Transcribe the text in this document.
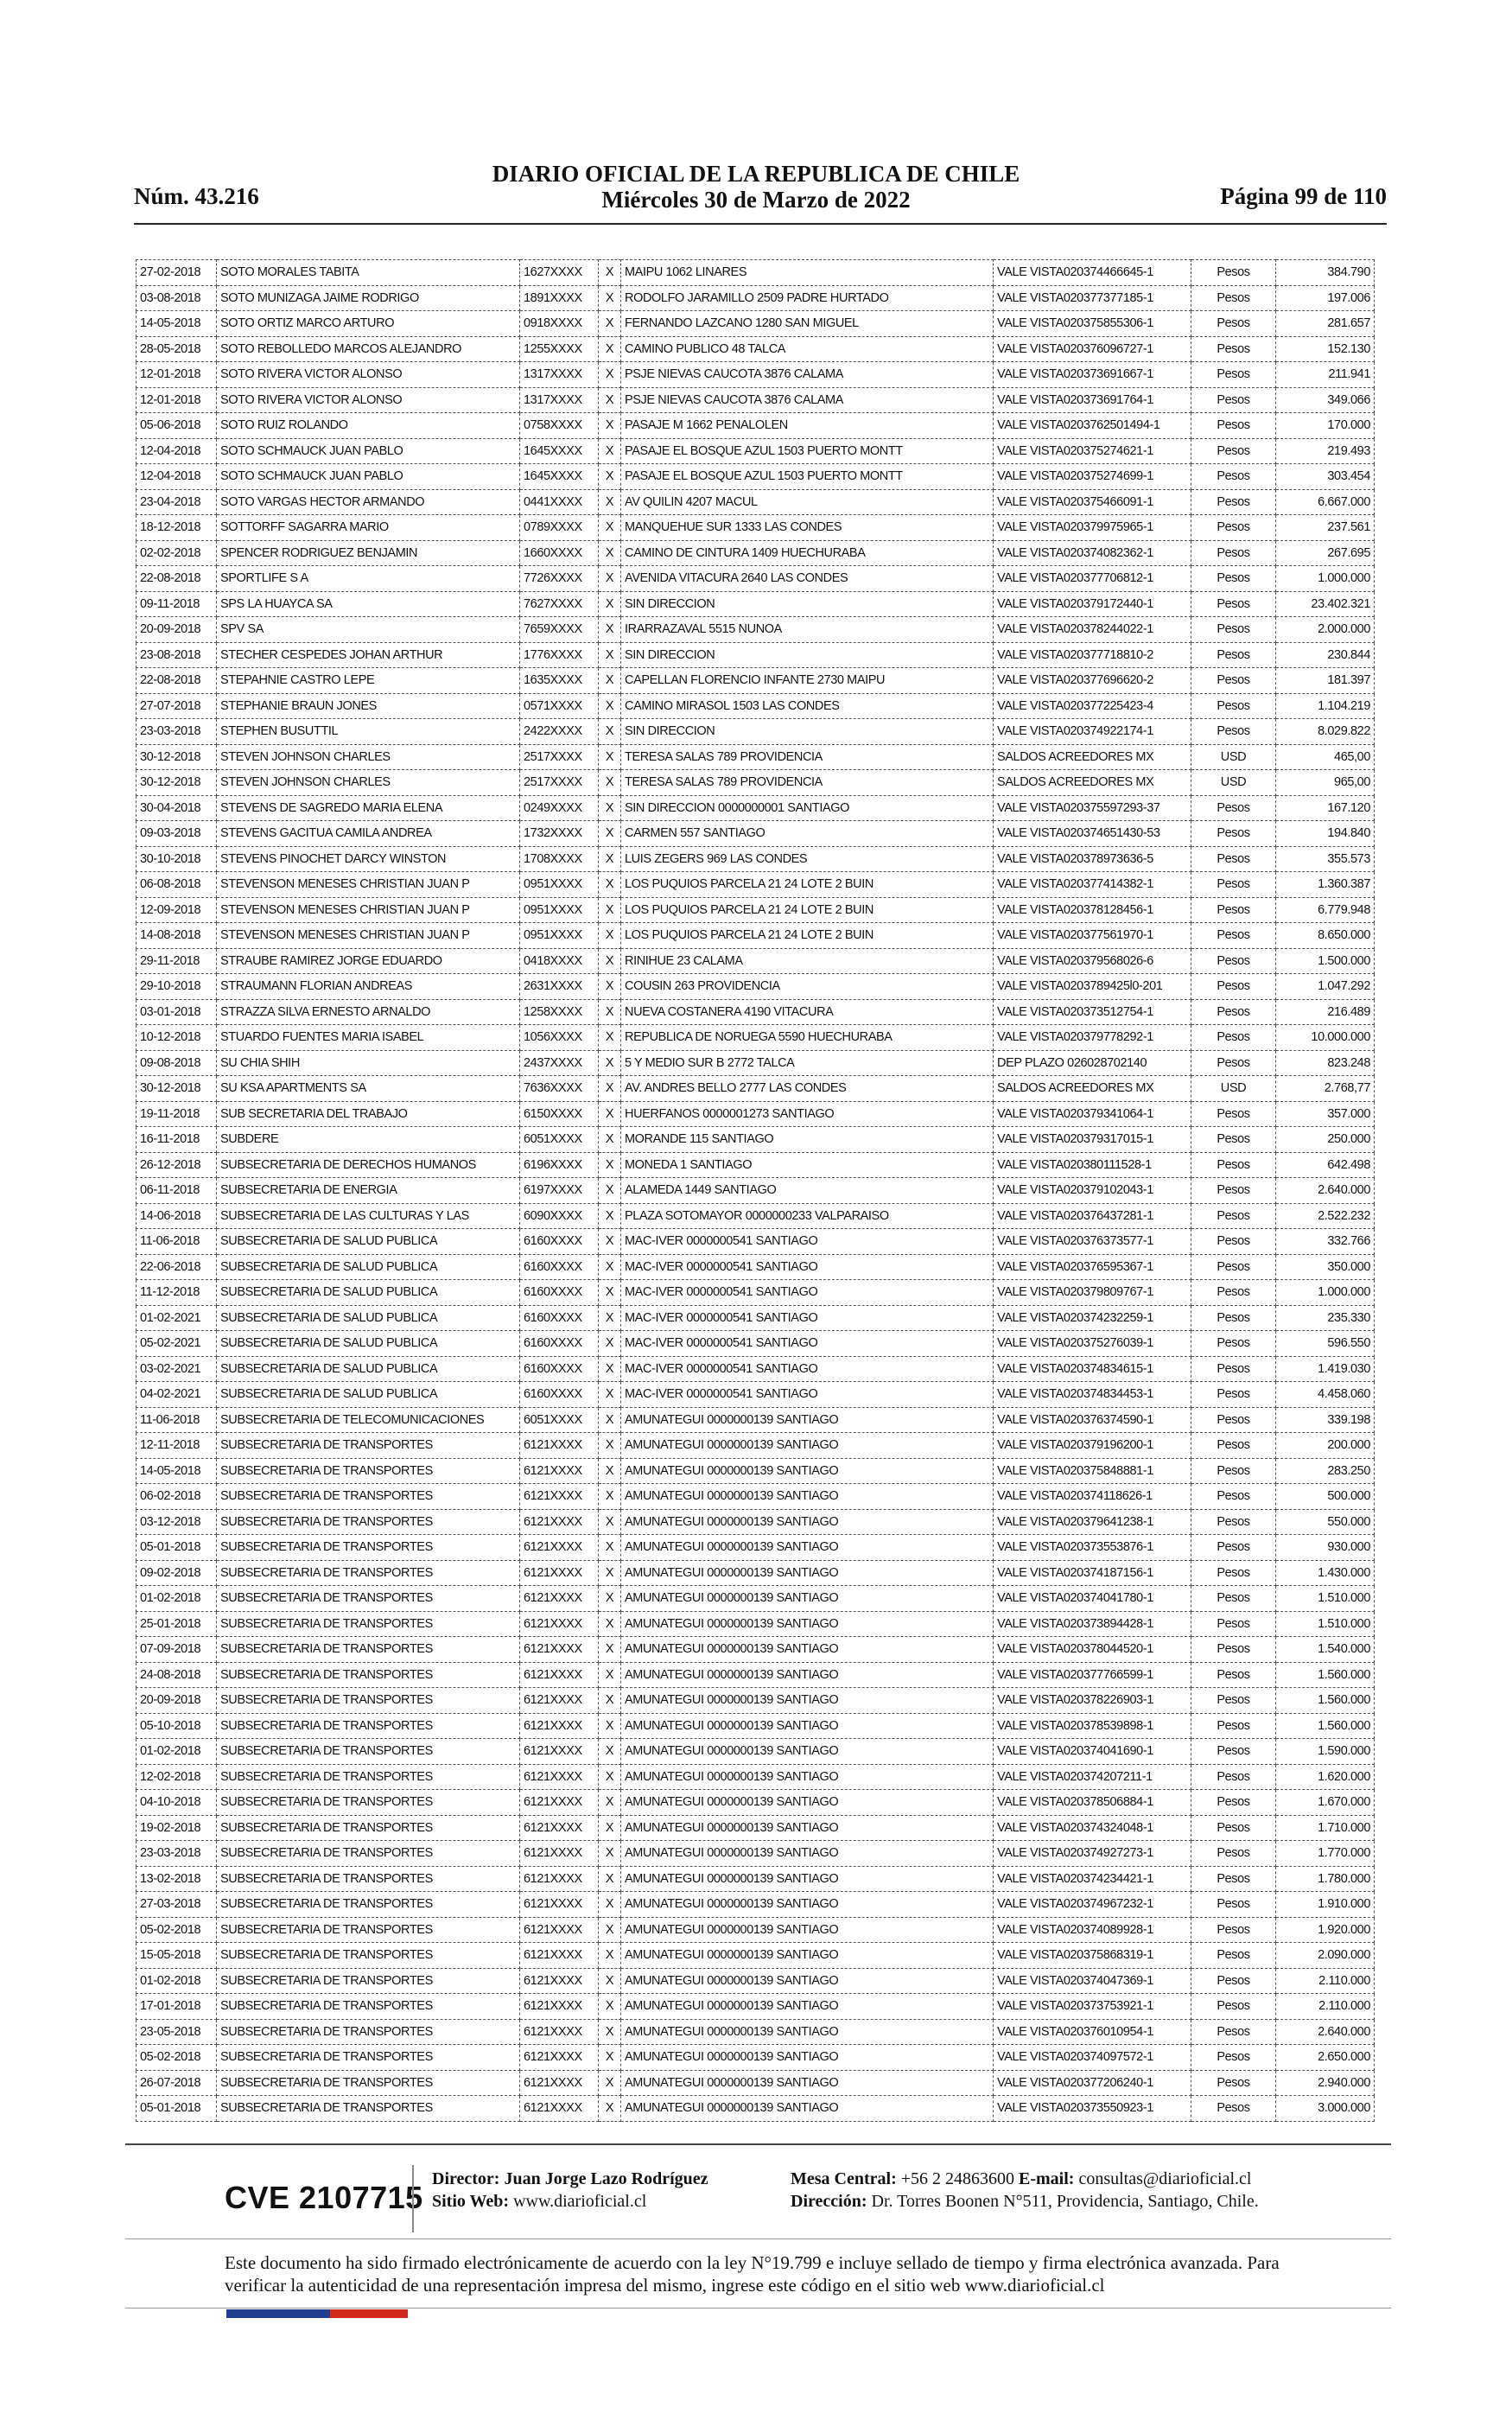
Núm. 43.216
DIARIO OFICIAL DE LA REPUBLICA DE CHILE
Miércoles 30 de Marzo de 2022	Página 99 de 110
27-02-2018	SOTO MORALES TABITA	1627XXXX	X	MAIPU 1062 LINARES	VALE VISTA020374466645-1	Pesos	384.790
03-08-2018	SOTO MUNIZAGA JAIME RODRIGO	1891XXXX	X	RODOLFO JARAMILLO 2509 PADRE HURTADO	VALE VISTA020377377185-1	Pesos	197.006
14-05-2018	SOTO ORTIZ MARCO ARTURO	0918XXXX	X	FERNANDO LAZCANO 1280 SAN MIGUEL	VALE VISTA020375855306-1	Pesos	281.657
28-05-2018	SOTO REBOLLEDO MARCOS ALEJANDRO	1255XXXX	X	CAMINO PUBLICO 48 TALCA	VALE VISTA020376096727-1	Pesos	152.130
12-01-2018	SOTO RIVERA VICTOR ALONSO	1317XXXX	X	PSJE NIEVAS CAUCOTA 3876 CALAMA	VALE VISTA020373691667-1	Pesos	211.941
12-01-2018	SOTO RIVERA VICTOR ALONSO	1317XXXX	X	PSJE NIEVAS CAUCOTA 3876 CALAMA	VALE VISTA020373691764-1	Pesos	349.066
05-06-2018	SOTO RUIZ ROLANDO	0758XXXX	X	PASAJE M 1662 PENALOLEN	VALE VISTA0203762501494-1	Pesos	170.000
12-04-2018	SOTO SCHMAUCK JUAN PABLO	1645XXXX	X	PASAJE EL BOSQUE AZUL 1503 PUERTO MONTT	VALE VISTA020375274621-1	Pesos	219.493
12-04-2018	SOTO SCHMAUCK JUAN PABLO	1645XXXX	X	PASAJE EL BOSQUE AZUL 1503 PUERTO MONTT	VALE VISTA020375274699-1	Pesos	303.454
23-04-2018	SOTO VARGAS HECTOR ARMANDO	0441XXXX	X	AV QUILIN 4207 MACUL	VALE VISTA020375466091-1	Pesos	6.667.000
18-12-2018	SOTTORFF SAGARRA MARIO	0789XXXX	X	MANQUEHUE SUR 1333 LAS CONDES	VALE VISTA020379975965-1	Pesos	237.561
02-02-2018	SPENCER RODRIGUEZ BENJAMIN	1660XXXX	X	CAMINO DE CINTURA 1409 HUECHURABA	VALE VISTA020374082362-1	Pesos	267.695
22-08-2018	SPORTLIFE S A	7726XXXX	X	AVENIDA VITACURA 2640 LAS CONDES	VALE VISTA020377706812-1	Pesos	1.000.000
09-11-2018	SPS LA HUAYCA SA	7627XXXX	X	SIN DIRECCION	VALE VISTA020379172440-1	Pesos	23.402.321
20-09-2018	SPV SA	7659XXXX	X	IRARRAZAVAL 5515 NUNOA	VALE VISTA020378244022-1	Pesos	2.000.000
23-08-2018	STECHER CESPEDES JOHAN ARTHUR	1776XXXX	X	SIN DIRECCION	VALE VISTA020377718810-2	Pesos	230.844
22-08-2018	STEPAHNIE CASTRO LEPE	1635XXXX	X	CAPELLAN FLORENCIO INFANTE 2730 MAIPU	VALE VISTA020377696620-2	Pesos	181.397
27-07-2018	STEPHANIE BRAUN JONES	0571XXXX	X	CAMINO MIRASOL 1503 LAS CONDES	VALE VISTA020377225423-4	Pesos	1.104.219
23-03-2018	STEPHEN BUSUTTIL	2422XXXX	X	SIN DIRECCION	VALE VISTA020374922174-1	Pesos	8.029.822
30-12-2018	STEVEN JOHNSON CHARLES	2517XXXX	X	TERESA SALAS 789 PROVIDENCIA	SALDOS ACREEDORES MX	USD	465,00
30-12-2018	STEVEN JOHNSON CHARLES	2517XXXX	X	TERESA SALAS 789 PROVIDENCIA	SALDOS ACREEDORES MX	USD	965,00
30-04-2018	STEVENS DE SAGREDO MARIA ELENA	0249XXXX	X	SIN DIRECCION 0000000001 SANTIAGO	VALE VISTA020375597293-37	Pesos	167.120
09-03-2018	STEVENS GACITUA CAMILA ANDREA	1732XXXX	X	CARMEN 557 SANTIAGO	VALE VISTA020374651430-53	Pesos	194.840
30-10-2018	STEVENS PINOCHET DARCY WINSTON	1708XXXX	X	LUIS ZEGERS 969 LAS CONDES	VALE VISTA020378973636-5	Pesos	355.573
06-08-2018	STEVENSON MENESES CHRISTIAN JUAN P	0951XXXX	X	LOS PUQUIOS PARCELA 21 24 LOTE 2 BUIN	VALE VISTA020377414382-1	Pesos	1.360.387
12-09-2018	STEVENSON MENESES CHRISTIAN JUAN P	0951XXXX	X	LOS PUQUIOS PARCELA 21 24 LOTE 2 BUIN	VALE VISTA020378128456-1	Pesos	6.779.948
14-08-2018	STEVENSON MENESES CHRISTIAN JUAN P	0951XXXX	X	LOS PUQUIOS PARCELA 21 24 LOTE 2 BUIN	VALE VISTA020377561970-1	Pesos	8.650.000
29-11-2018	STRAUBE RAMIREZ JORGE EDUARDO	0418XXXX	X	RINIHUE 23 CALAMA	VALE VISTA020379568026-6	Pesos	1.500.000
29-10-2018	STRAUMANN FLORIAN ANDREAS	2631XXXX	X	COUSIN 263 PROVIDENCIA	VALE VISTA0203789425l0-201	Pesos	1.047.292
03-01-2018	STRAZZA SILVA ERNESTO ARNALDO	1258XXXX	X	NUEVA COSTANERA 4190 VITACURA	VALE VISTA020373512754-1	Pesos	216.489
10-12-2018	STUARDO FUENTES MARIA ISABEL	1056XXXX	X	REPUBLICA DE NORUEGA 5590 HUECHURABA	VALE VISTA020379778292-1	Pesos	10.000.000
09-08-2018	SU CHIA SHIH	2437XXXX	X	5 Y MEDIO SUR B 2772 TALCA	DEP PLAZO 026028702140	Pesos	823.248
30-12-2018	SU KSA APARTMENTS SA	7636XXXX	X	AV. ANDRES BELLO 2777 LAS CONDES	SALDOS ACREEDORES MX	USD	2.768,77
19-11-2018	SUB SECRETARIA DEL TRABAJO	6150XXXX	X	HUERFANOS 0000001273 SANTIAGO	VALE VISTA020379341064-1	Pesos	357.000
16-11-2018	SUBDERE	6051XXXX	X	MORANDE 115 SANTIAGO	VALE VISTA020379317015-1	Pesos	250.000
26-12-2018	SUBSECRETARIA DE DERECHOS HUMANOS	6196XXXX	X	MONEDA 1 SANTIAGO	VALE VISTA020380111528-1	Pesos	642.498
06-11-2018	SUBSECRETARIA DE ENERGIA	6197XXXX	X	ALAMEDA 1449 SANTIAGO	VALE VISTA020379102043-1	Pesos	2.640.000
14-06-2018	SUBSECRETARIA DE LAS CULTURAS Y LAS	6090XXXX	X	PLAZA SOTOMAYOR 0000000233 VALPARAISO	VALE VISTA020376437281-1	Pesos	2.522.232
11-06-2018	SUBSECRETARIA DE SALUD PUBLICA	6160XXXX	X	MAC-IVER 0000000541 SANTIAGO	VALE VISTA020376373577-1	Pesos	332.766
22-06-2018	SUBSECRETARIA DE SALUD PUBLICA	6160XXXX	X	MAC-IVER 0000000541 SANTIAGO	VALE VISTA020376595367-1	Pesos	350.000
11-12-2018	SUBSECRETARIA DE SALUD PUBLICA	6160XXXX	X	MAC-IVER 0000000541 SANTIAGO	VALE VISTA020379809767-1	Pesos	1.000.000
01-02-2021	SUBSECRETARIA DE SALUD PUBLICA	6160XXXX	X	MAC-IVER 0000000541 SANTIAGO	VALE VISTA020374232259-1	Pesos	235.330
05-02-2021	SUBSECRETARIA DE SALUD PUBLICA	6160XXXX	X	MAC-IVER 0000000541 SANTIAGO	VALE VISTA020375276039-1	Pesos	596.550
03-02-2021	SUBSECRETARIA DE SALUD PUBLICA	6160XXXX	X	MAC-IVER 0000000541 SANTIAGO	VALE VISTA020374834615-1	Pesos	1.419.030
04-02-2021	SUBSECRETARIA DE SALUD PUBLICA	6160XXXX	X	MAC-IVER 0000000541 SANTIAGO	VALE VISTA020374834453-1	Pesos	4.458.060
11-06-2018	SUBSECRETARIA DE TELECOMUNICACIONES	6051XXXX	X	AMUNATEGUI 0000000139 SANTIAGO	VALE VISTA020376374590-1	Pesos	339.198
12-11-2018	SUBSECRETARIA DE TRANSPORTES	6121XXXX	X	AMUNATEGUI 0000000139 SANTIAGO	VALE VISTA020379196200-1	Pesos	200.000
14-05-2018	SUBSECRETARIA DE TRANSPORTES	6121XXXX	X	AMUNATEGUI 0000000139 SANTIAGO	VALE VISTA020375848881-1	Pesos	283.250
06-02-2018	SUBSECRETARIA DE TRANSPORTES	6121XXXX	X	AMUNATEGUI 0000000139 SANTIAGO	VALE VISTA020374118626-1	Pesos	500.000
03-12-2018	SUBSECRETARIA DE TRANSPORTES	6121XXXX	X	AMUNATEGUI 0000000139 SANTIAGO	VALE VISTA020379641238-1	Pesos	550.000
05-01-2018	SUBSECRETARIA DE TRANSPORTES	6121XXXX	X	AMUNATEGUI 0000000139 SANTIAGO	VALE VISTA020373553876-1	Pesos	930.000
09-02-2018	SUBSECRETARIA DE TRANSPORTES	6121XXXX	X	AMUNATEGUI 0000000139 SANTIAGO	VALE VISTA020374187156-1	Pesos	1.430.000
01-02-2018	SUBSECRETARIA DE TRANSPORTES	6121XXXX	X	AMUNATEGUI 0000000139 SANTIAGO	VALE VISTA020374041780-1	Pesos	1.510.000
25-01-2018	SUBSECRETARIA DE TRANSPORTES	6121XXXX	X	AMUNATEGUI 0000000139 SANTIAGO	VALE VISTA020373894428-1	Pesos	1.510.000
07-09-2018	SUBSECRETARIA DE TRANSPORTES	6121XXXX	X	AMUNATEGUI 0000000139 SANTIAGO	VALE VISTA020378044520-1	Pesos	1.540.000
24-08-2018	SUBSECRETARIA DE TRANSPORTES	6121XXXX	X	AMUNATEGUI 0000000139 SANTIAGO	VALE VISTA020377766599-1	Pesos	1.560.000
20-09-2018	SUBSECRETARIA DE TRANSPORTES	6121XXXX	X	AMUNATEGUI 0000000139 SANTIAGO	VALE VISTA020378226903-1	Pesos	1.560.000
05-10-2018	SUBSECRETARIA DE TRANSPORTES	6121XXXX	X	AMUNATEGUI 0000000139 SANTIAGO	VALE VISTA020378539898-1	Pesos	1.560.000
01-02-2018	SUBSECRETARIA DE TRANSPORTES	6121XXXX	X	AMUNATEGUI 0000000139 SANTIAGO	VALE VISTA020374041690-1	Pesos	1.590.000
12-02-2018	SUBSECRETARIA DE TRANSPORTES	6121XXXX	X	AMUNATEGUI 0000000139 SANTIAGO	VALE VISTA020374207211-1	Pesos	1.620.000
04-10-2018	SUBSECRETARIA DE TRANSPORTES	6121XXXX	X	AMUNATEGUI 0000000139 SANTIAGO	VALE VISTA020378506884-1	Pesos	1.670.000
19-02-2018	SUBSECRETARIA DE TRANSPORTES	6121XXXX	X	AMUNATEGUI 0000000139 SANTIAGO	VALE VISTA020374324048-1	Pesos	1.710.000
23-03-2018	SUBSECRETARIA DE TRANSPORTES	6121XXXX	X	AMUNATEGUI 0000000139 SANTIAGO	VALE VISTA020374927273-1	Pesos	1.770.000
13-02-2018	SUBSECRETARIA DE TRANSPORTES	6121XXXX	X	AMUNATEGUI 0000000139 SANTIAGO	VALE VISTA020374234421-1	Pesos	1.780.000
27-03-2018	SUBSECRETARIA DE TRANSPORTES	6121XXXX	X	AMUNATEGUI 0000000139 SANTIAGO	VALE VISTA020374967232-1	Pesos	1.910.000
05-02-2018	SUBSECRETARIA DE TRANSPORTES	6121XXXX	X	AMUNATEGUI 0000000139 SANTIAGO	VALE VISTA020374089928-1	Pesos	1.920.000
15-05-2018	SUBSECRETARIA DE TRANSPORTES	6121XXXX	X	AMUNATEGUI 0000000139 SANTIAGO	VALE VISTA020375868319-1	Pesos	2.090.000
01-02-2018	SUBSECRETARIA DE TRANSPORTES	6121XXXX	X	AMUNATEGUI 0000000139 SANTIAGO	VALE VISTA020374047369-1	Pesos	2.110.000
17-01-2018	SUBSECRETARIA DE TRANSPORTES	6121XXXX	X	AMUNATEGUI 0000000139 SANTIAGO	VALE VISTA020373753921-1	Pesos	2.110.000
23-05-2018	SUBSECRETARIA DE TRANSPORTES	6121XXXX	X	AMUNATEGUI 0000000139 SANTIAGO	VALE VISTA020376010954-1	Pesos	2.640.000
05-02-2018	SUBSECRETARIA DE TRANSPORTES	6121XXXX	X	AMUNATEGUI 0000000139 SANTIAGO	VALE VISTA020374097572-1	Pesos	2.650.000
26-07-2018	SUBSECRETARIA DE TRANSPORTES	6121XXXX	X	AMUNATEGUI 0000000139 SANTIAGO	VALE VISTA020377206240-1	Pesos	2.940.000
05-01-2018	SUBSECRETARIA DE TRANSPORTES	6121XXXX	X	AMUNATEGUI 0000000139 SANTIAGO	VALE VISTA020373550923-1	Pesos	3.000.000
CVE 2107715
Director: Juan Jorge Lazo Rodríguez
Sitio Web: www.diarioficial.cl
Mesa Central: +56 2 24863600 E-mail: consultas@diarioficial.cl
Dirección: Dr. Torres Boonen N°511, Providencia, Santiago, Chile.
Este documento ha sido firmado electrónicamente de acuerdo con la ley N°19.799 e incluye sellado de tiempo y firma electrónica avanzada. Para verificar la autenticidad de una representación impresa del mismo, ingrese este código en el sitio web www.diarioficial.cl
